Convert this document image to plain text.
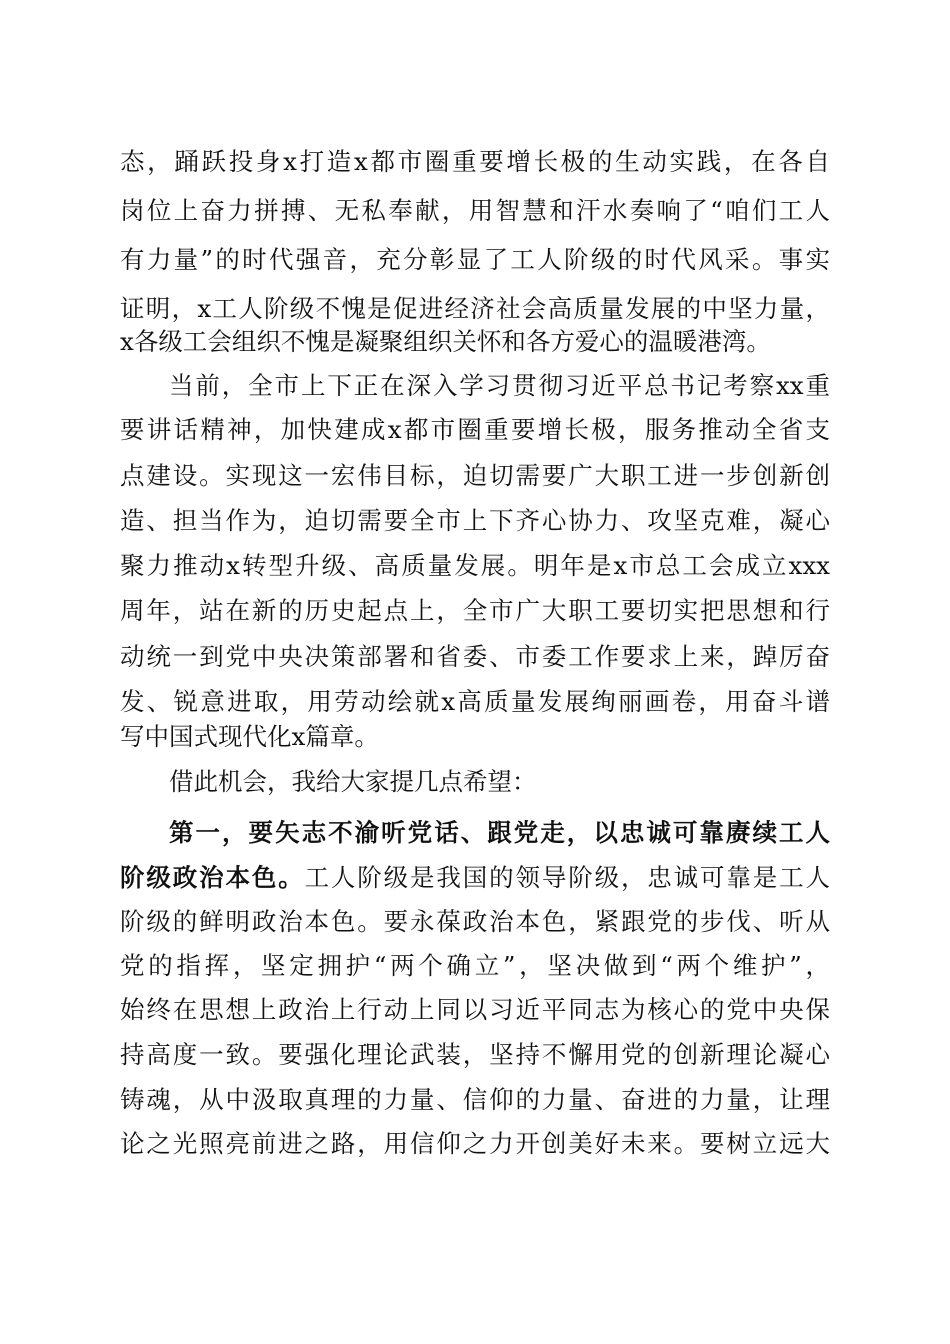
态，踊跃投身x打造x都市圈重要增长极的生动实践，在各自
岗位上奋力拼搏、无私奉献，用智慧和汗水奏响了“咱们工人
有力量”的时代强音，充分彰显了工人阶级的时代风采。事实
证明，x工人阶级不愧是促进经济社会高质量发展的中坚力量，
x各级工会组织不愧是凝聚组织关怀和各方爱心的温暖港湾。
当前，全市上下正在深入学习贯彻习近平总书记考察xx重
要讲话精神，加快建成x都市圈重要增长极，服务推动全省支
点建设。实现这一宏伟目标，迫切需要广大职工进一步创新创
造、担当作为，迫切需要全市上下齐心协力、攻坚克难，凝心
聚力推动x转型升级、高质量发展。明年是x市总工会成立xxx
周年，站在新的历史起点上，全市广大职工要切实把思想和行
动统一到党中央决策部署和省委、市委工作要求上来，踔厉奋
发、锐意进取，用劳动绘就x高质量发展绚丽画卷，用奋斗谱
写中国式现代化x篇章。
借此机会，我给大家提几点希望：
第一，要矢志不渝听党话、跟党走，以忠诚可靠赓续工人
阶级政治本色。工人阶级是我国的领导阶级，忠诚可靠是工人
阶级的鲜明政治本色。要永葆政治本色，紧跟党的步伐、听从
党的指挥，坚定拥护“两个确立”，坚决做到“两个维护”，
始终在思想上政治上行动上同以习近平同志为核心的党中央保
持高度一致。要强化理论武装，坚持不懈用党的创新理论凝心
铸魂，从中汲取真理的力量、信仰的力量、奋进的力量，让理
论之光照亮前进之路，用信仰之力开创美好未来。要树立远大
